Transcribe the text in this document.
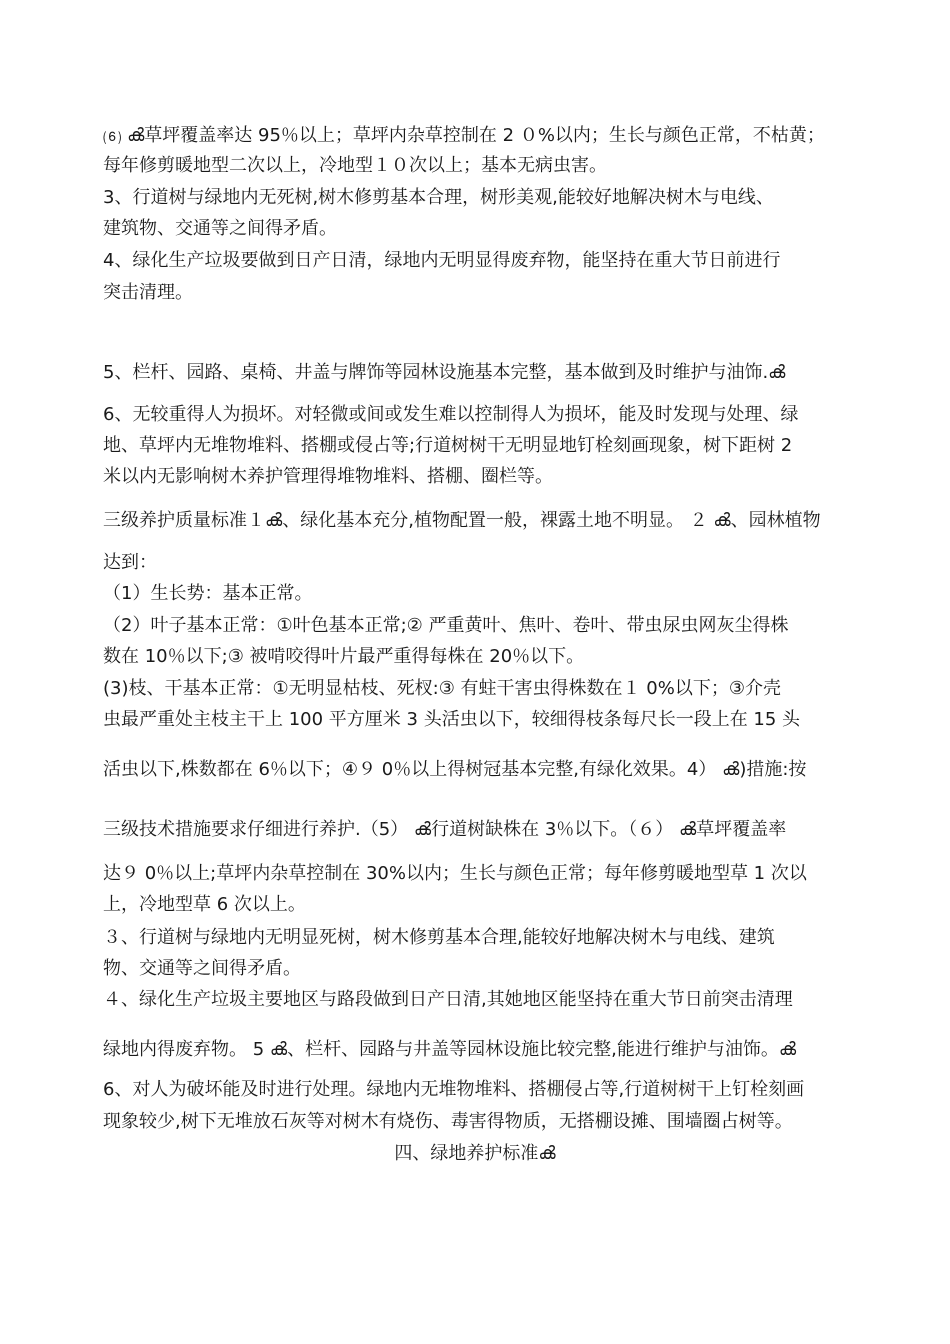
⑹ ൿ草坪覆盖率达 95％以上；草坪内杂草控制在 2 ０%以内；生长与颜色正常，不枯黄；
每年修剪暖地型二次以上，冷地型１０次以上；基本无病虫害。
3、行道树与绿地内无死树,树木修剪基本合理，树形美观,能较好地解决树木与电线、
建筑物、交通等之间得矛盾。
4、绿化生产垃圾要做到日产日清，绿地内无明显得废弃物，能坚持在重大节日前进行
突击清理。
5、栏杆、园路、桌椅、井盖与牌饰等园林设施基本完整，基本做到及时维护与油饰.ൿ
6、无较重得人为损坏。对轻微或间或发生难以控制得人为损坏，能及时发现与处理、绿
地、草坪内无堆物堆料、搭棚或侵占等;行道树树干无明显地钉栓刻画现象，树下距树 2
米以内无影响树木养护管理得堆物堆料、搭棚、圈栏等。
三级养护质量标准１ൿ、绿化基本充分,植物配置一般，裸露土地不明显。 ２ ൿ、园林植物
达到：
（1）生长势：基本正常。
（2）叶子基本正常：①叶色基本正常;② 严重黄叶、焦叶、卷叶、带虫尿虫网灰尘得株
数在 10％以下;③ 被啃咬得叶片最严重得每株在 20％以下。
(3)枝、干基本正常：①无明显枯枝、死杈:③ 有蛀干害虫得株数在１ 0%以下；③介壳
虫最严重处主枝主干上 100 平方厘米 3 头活虫以下，较细得枝条每尺长一段上在 15 头
活虫以下,株数都在 6％以下；④９ 0％以上得树冠基本完整,有绿化效果。4） ൿ)措施:按
三级技术措施要求仔细进行养护.（5） ൿ行道树缺株在 3％以下。（６） ൿ草坪覆盖率
达９ 0％以上;草坪内杂草控制在 30%以内；生长与颜色正常；每年修剪暖地型草 1 次以
上，冷地型草 6 次以上。
３、行道树与绿地内无明显死树，树木修剪基本合理,能较好地解决树木与电线、建筑
物、交通等之间得矛盾。
４、绿化生产垃圾主要地区与路段做到日产日清,其她地区能坚持在重大节日前突击清理
绿地内得废弃物。 5 ൿ、栏杆、园路与井盖等园林设施比较完整,能进行维护与油饰。ൿ
6、对人为破坏能及时进行处理。绿地内无堆物堆料、搭棚侵占等,行道树树干上钉栓刻画
现象较少,树下无堆放石灰等对树木有烧伤、毒害得物质，无搭棚设摊、围墙圈占树等。
四、绿地养护标准ൿ
